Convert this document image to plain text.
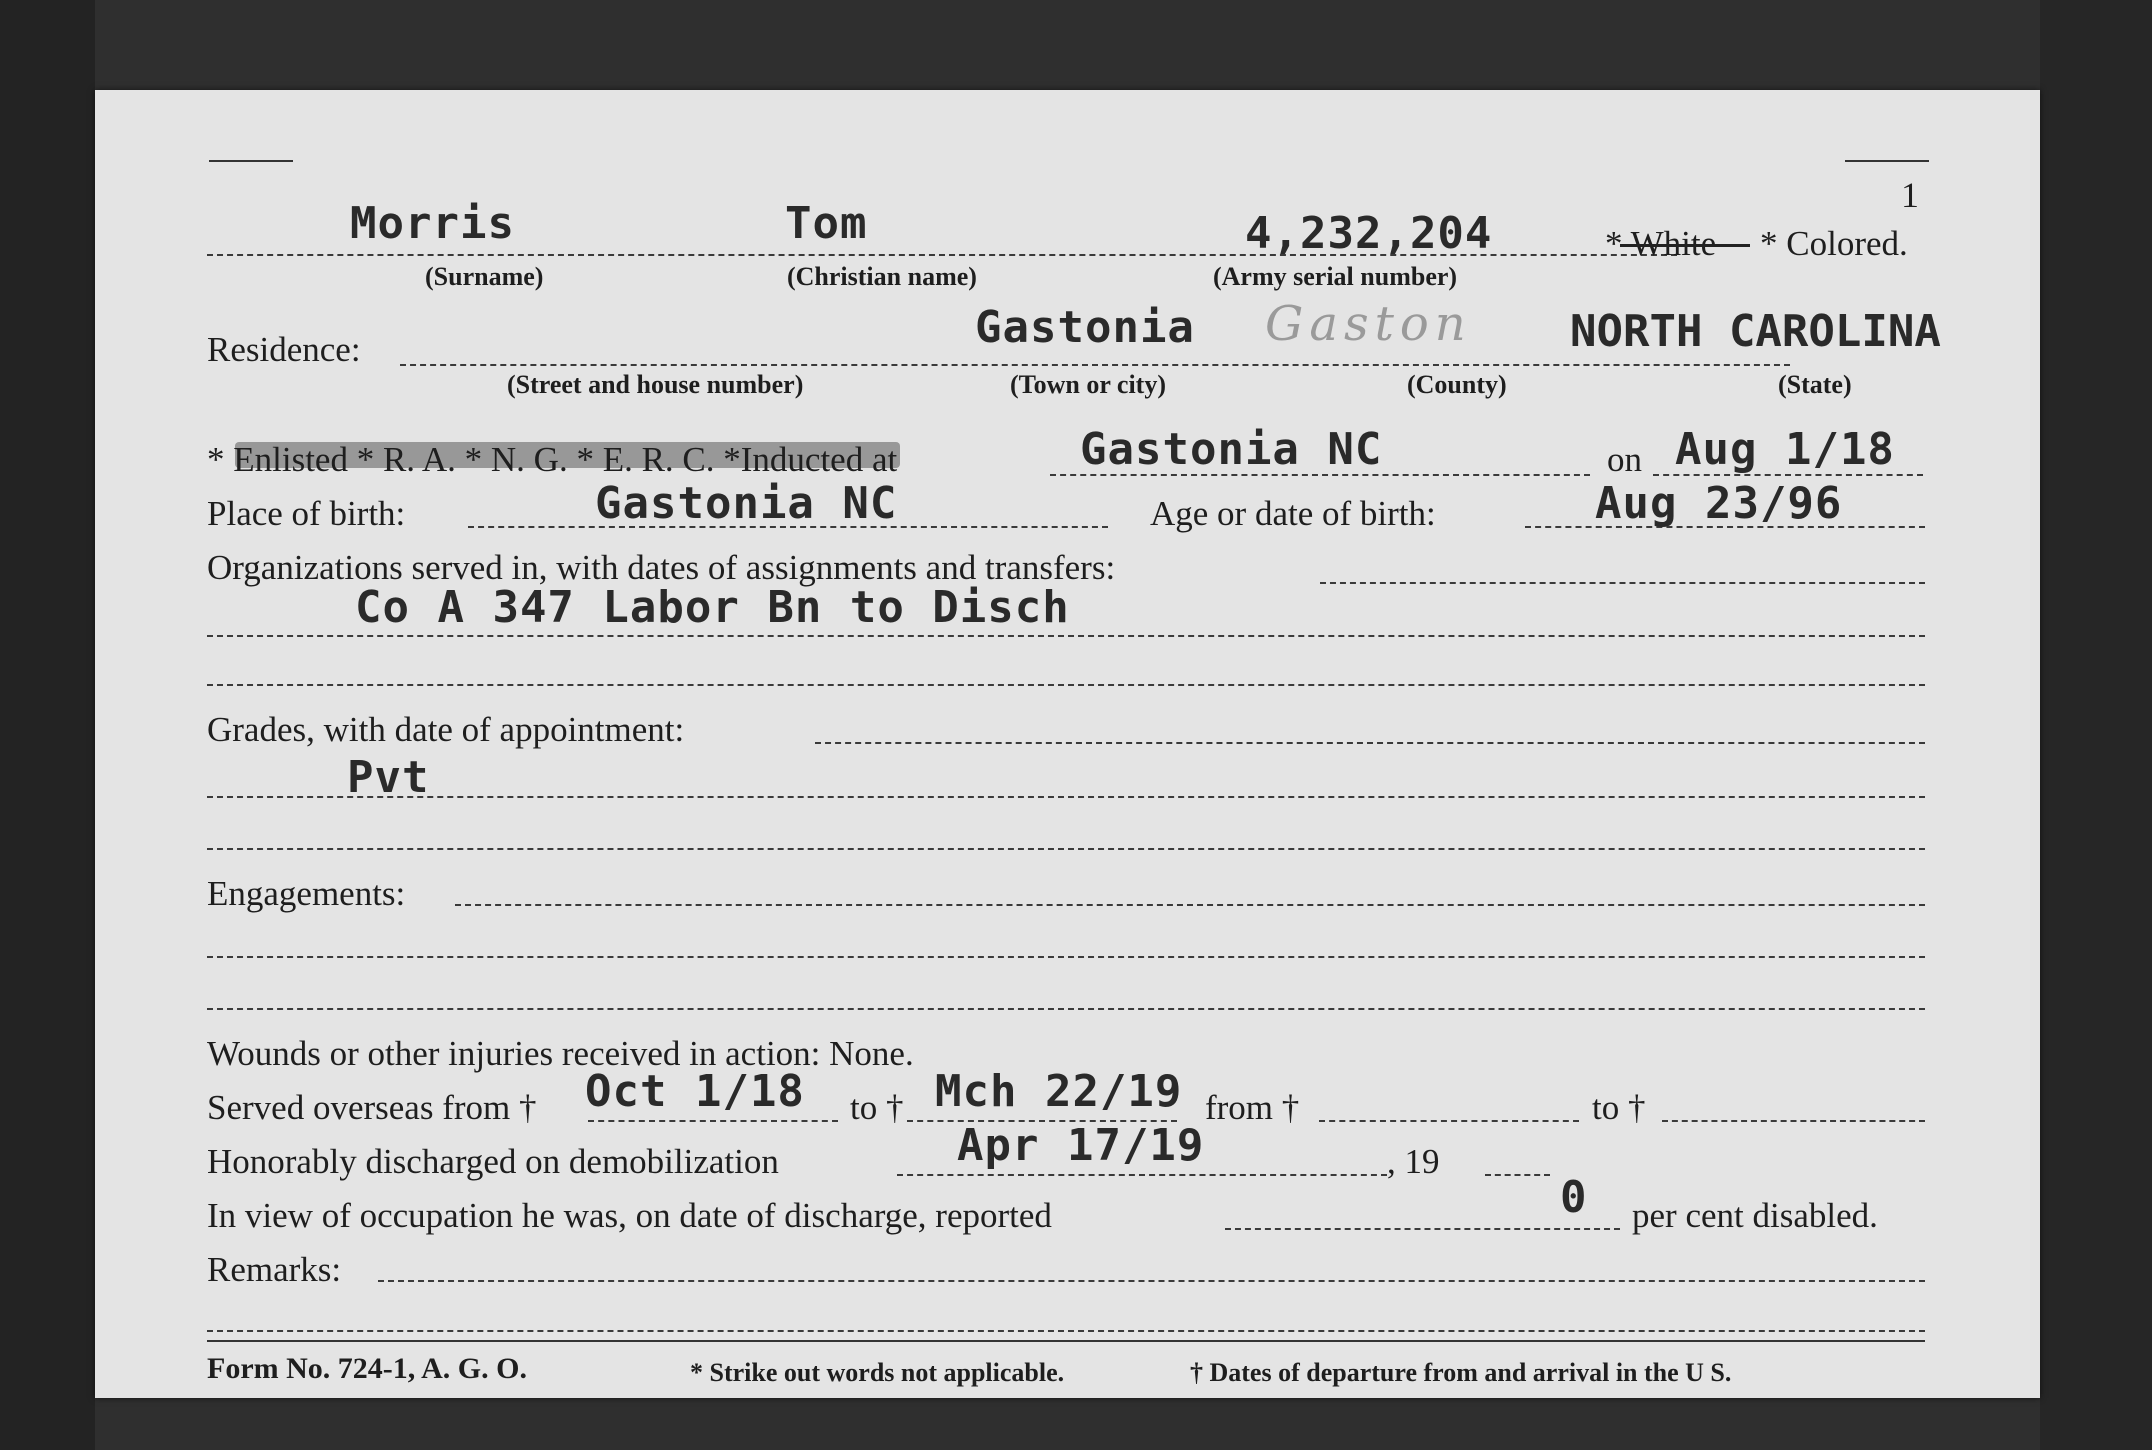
1
Morris	Tom	4,232,204	* White * Colored.
(Surname)	(Christian name)	(Army serial number)
Residence:	Gastonia Gaston NORTH CAROLINA
(Street and house number)	(Town or city)	(County)	(State)
* Enlisted * R. A. * N. G. * E. R. C. *Inducted at	Gastonia NC	on Aug 1/18
Place of birth:	Gastonia NC	Age or date of birth:	Aug 23/96
Organizations served in, with dates of assignments and transfers:
Co A 347 Labor Bn to Disch
Grades, with date of appointment:
Pvt
Engagements:
Wounds or other injuries received in action: None.
Served overseas from † Oct 1/18 to † Mch 22/19 from †	to †
Honorably discharged on demobilization	Apr 17/19	, 19
In view of occupation he was, on date of discharge, reported	0 per cent disabled.
Remarks:
Form No. 724-1, A. G. O.	* Strike out words not applicable.	† Dates of departure from and arrival in the U S.
